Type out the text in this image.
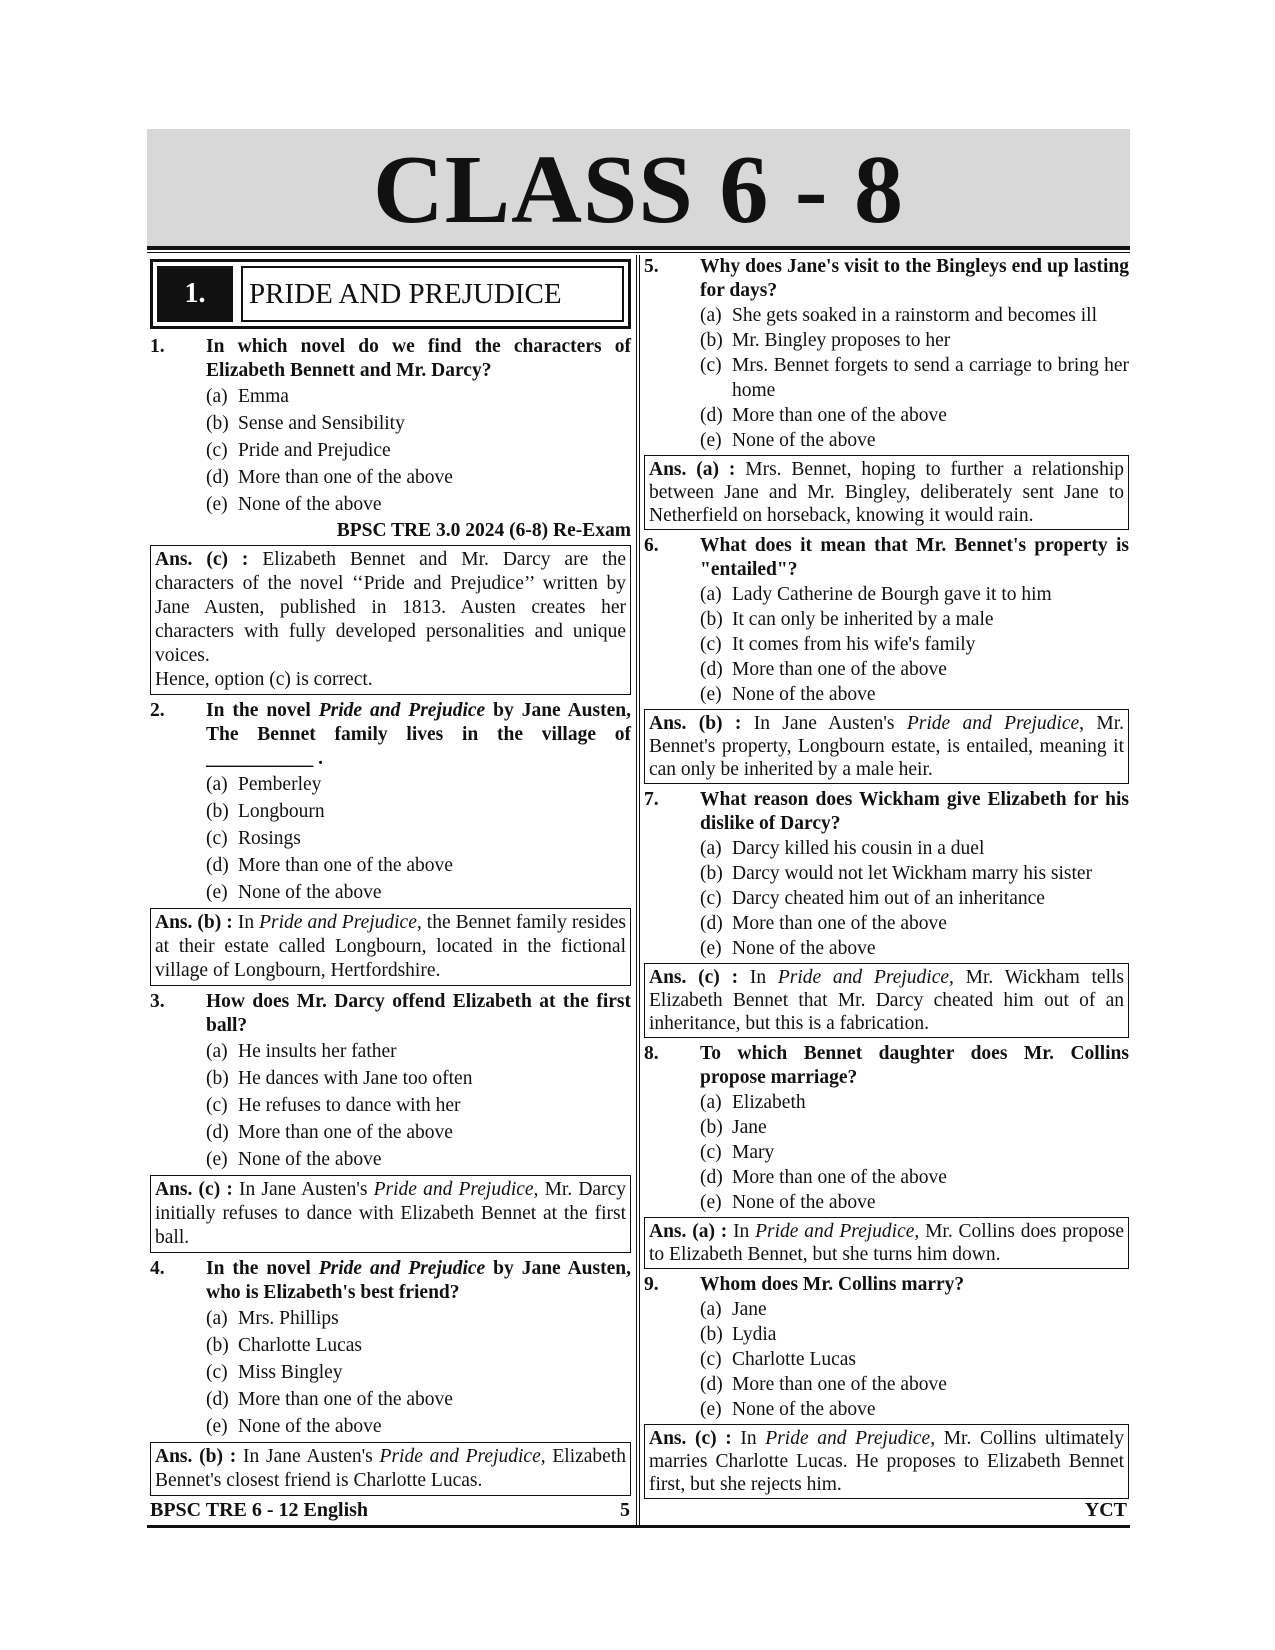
CLASS 6 - 8
1.	PRIDE AND PREJUDICE
1.	In which novel do we find the characters of Elizabeth Bennett and Mr. Darcy?
(a) Emma
(b) Sense and Sensibility
(c) Pride and Prejudice
(d) More than one of the above
(e) None of the above
BPSC TRE 3.0 2024 (6-8) Re-Exam
Ans. (c) : Elizabeth Bennet and Mr. Darcy are the characters of the novel ‘‘Pride and Prejudice’’ written by Jane Austen, published in 1813. Austen creates her characters with fully developed personalities and unique voices.
Hence, option (c) is correct.
2.	In the novel Pride and Prejudice by Jane Austen, The Bennet family lives in the village of ___________ .
(a) Pemberley
(b) Longbourn
(c) Rosings
(d) More than one of the above
(e) None of the above
Ans. (b) : In Pride and Prejudice, the Bennet family resides at their estate called Longbourn, located in the fictional village of Longbourn, Hertfordshire.
3.	How does Mr. Darcy offend Elizabeth at the first ball?
(a) He insults her father
(b) He dances with Jane too often
(c) He refuses to dance with her
(d) More than one of the above
(e) None of the above
Ans. (c) : In Jane Austen's Pride and Prejudice, Mr. Darcy initially refuses to dance with Elizabeth Bennet at the first ball.
4.	In the novel Pride and Prejudice by Jane Austen, who is Elizabeth's best friend?
(a) Mrs. Phillips
(b) Charlotte Lucas
(c) Miss Bingley
(d) More than one of the above
(e) None of the above
Ans. (b) : In Jane Austen's Pride and Prejudice, Elizabeth Bennet's closest friend is Charlotte Lucas.
5.	Why does Jane's visit to the Bingleys end up lasting for days?
(a) She gets soaked in a rainstorm and becomes ill
(b) Mr. Bingley proposes to her
(c) Mrs. Bennet forgets to send a carriage to bring her home
(d) More than one of the above
(e) None of the above
Ans. (a) : Mrs. Bennet, hoping to further a relationship between Jane and Mr. Bingley, deliberately sent Jane to Netherfield on horseback, knowing it would rain.
6.	What does it mean that Mr. Bennet's property is "entailed"?
(a) Lady Catherine de Bourgh gave it to him
(b) It can only be inherited by a male
(c) It comes from his wife's family
(d) More than one of the above
(e) None of the above
Ans. (b) : In Jane Austen's Pride and Prejudice, Mr. Bennet's property, Longbourn estate, is entailed, meaning it can only be inherited by a male heir.
7.	What reason does Wickham give Elizabeth for his dislike of Darcy?
(a) Darcy killed his cousin in a duel
(b) Darcy would not let Wickham marry his sister
(c) Darcy cheated him out of an inheritance
(d) More than one of the above
(e) None of the above
Ans. (c) : In Pride and Prejudice, Mr. Wickham tells Elizabeth Bennet that Mr. Darcy cheated him out of an inheritance, but this is a fabrication.
8.	To which Bennet daughter does Mr. Collins propose marriage?
(a) Elizabeth
(b) Jane
(c) Mary
(d) More than one of the above
(e) None of the above
Ans. (a) : In Pride and Prejudice, Mr. Collins does propose to Elizabeth Bennet, but she turns him down.
9.	Whom does Mr. Collins marry?
(a) Jane
(b) Lydia
(c) Charlotte Lucas
(d) More than one of the above
(e) None of the above
Ans. (c) : In Pride and Prejudice, Mr. Collins ultimately marries Charlotte Lucas. He proposes to Elizabeth Bennet first, but she rejects him.
BPSC TRE 6 - 12 English	5	YCT
